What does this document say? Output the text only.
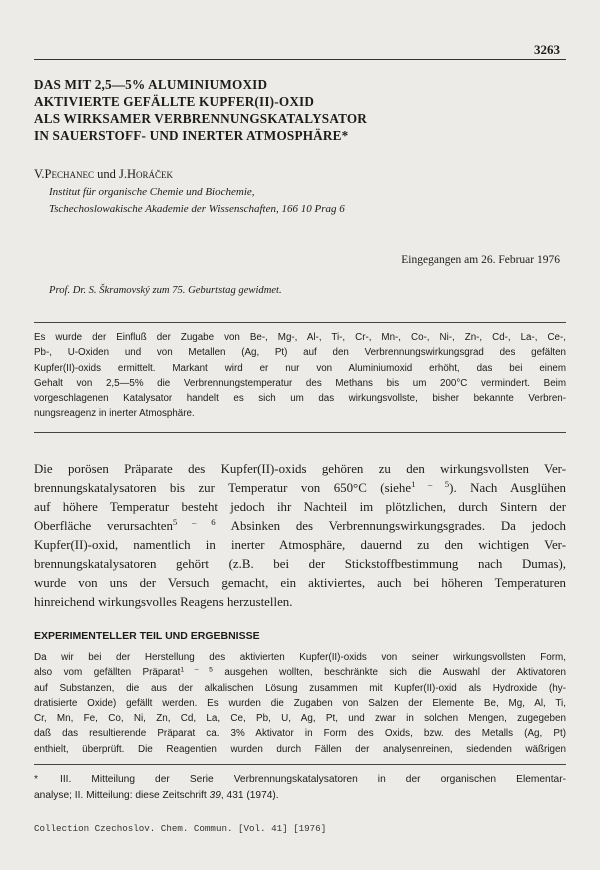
3263
DAS MIT 2,5—5% ALUMINIUMOXID
AKTIVIERTE GEFÄLLTE KUPFER(II)-OXID
ALS WIRKSAMER VERBRENNUNGSKATALYSATOR
IN SAUERSTOFF- UND INERTER ATMOSPHÄRE*
V.Pechanec und J.Horáček
Institut für organische Chemie und Biochemie,
Tschechoslowakische Akademie der Wissenschaften, 166 10 Prag 6
Eingegangen am 26. Februar 1976
Prof. Dr. S. Škramovský zum 75. Geburtstag gewidmet.
Es wurde der Einfluß der Zugabe von Be-, Mg-, Al-, Ti-, Cr-, Mn-, Co-, Ni-, Zn-, Cd-, La-, Ce-,
Pb-, U-Oxiden und von Metallen (Ag, Pt) auf den Verbrennungswirkungsgrad des gefälten
Kupfer(II)-oxids ermittelt. Markant wird er nur von Aluminiumoxid erhöht, das bei einem
Gehalt von 2,5—5% die Verbrennungstemperatur des Methans bis um 200°C vermindert. Beim
vorgeschlagenen Katalysator handelt es sich um das wirkungsvollste, bisher bekannte Verbren-
nungsreagenz in inerter Atmosphäre.
Die porösen Präparate des Kupfer(II)-oxids gehören zu den wirkungsvollsten Ver-
brennungskatalysatoren bis zur Temperatur von 650°C (siehe$^{1 - 5}$). Nach Ausglühen
auf höhere Temperatur besteht jedoch ihr Nachteil im plötzlichen, durch Sintern der
Oberfläche verursachten$^{5 - 6}$ Absinken des Verbrennungswirkungsgrades. Da jedoch
Kupfer(II)-oxid, namentlich in inerter Atmosphäre, dauernd zu den wichtigen Ver-
brennungskatalysatoren gehört (z.B. bei der Stickstoffbestimmung nach Dumas),
wurde von uns der Versuch gemacht, ein aktiviertes, auch bei höheren Temperaturen
hinreichend wirkungsvolles Reagens herzustellen.
EXPERIMENTELLER TEIL UND ERGEBNISSE
Da wir bei der Herstellung des aktivierten Kupfer(II)-oxids von seiner wirkungsvollsten Form,
also vom gefällten Präparat$^{1 - 5}$ ausgehen wollten, beschränkte sich die Auswahl der Aktivatoren
auf Substanzen, die aus der alkalischen Lösung zusammen mit Kupfer(II)-oxid als Hydroxide (hy-
dratisierte Oxide) gefällt werden. Es wurden die Zugaben von Salzen der Elemente Be, Mg, Al, Ti,
Cr, Mn, Fe, Co, Ni, Zn, Cd, La, Ce, Pb, U, Ag, Pt, und zwar in solchen Mengen, zugegeben
daß das resultierende Präparat ca. 3% Aktivator in Form des Oxids, bzw. des Metalls (Ag, Pt)
enthielt, überprüft. Die Reagentien wurden durch Fällen der analysenreinen, siedenden wäßrigen
* III. Mitteilung der Serie Verbrennungskatalysatoren in der organischen Elementar-
analyse; II. Mitteilung: diese Zeitschrift 39, 431 (1974).
Collection Czechoslov. Chem. Commun. [Vol. 41] [1976]
